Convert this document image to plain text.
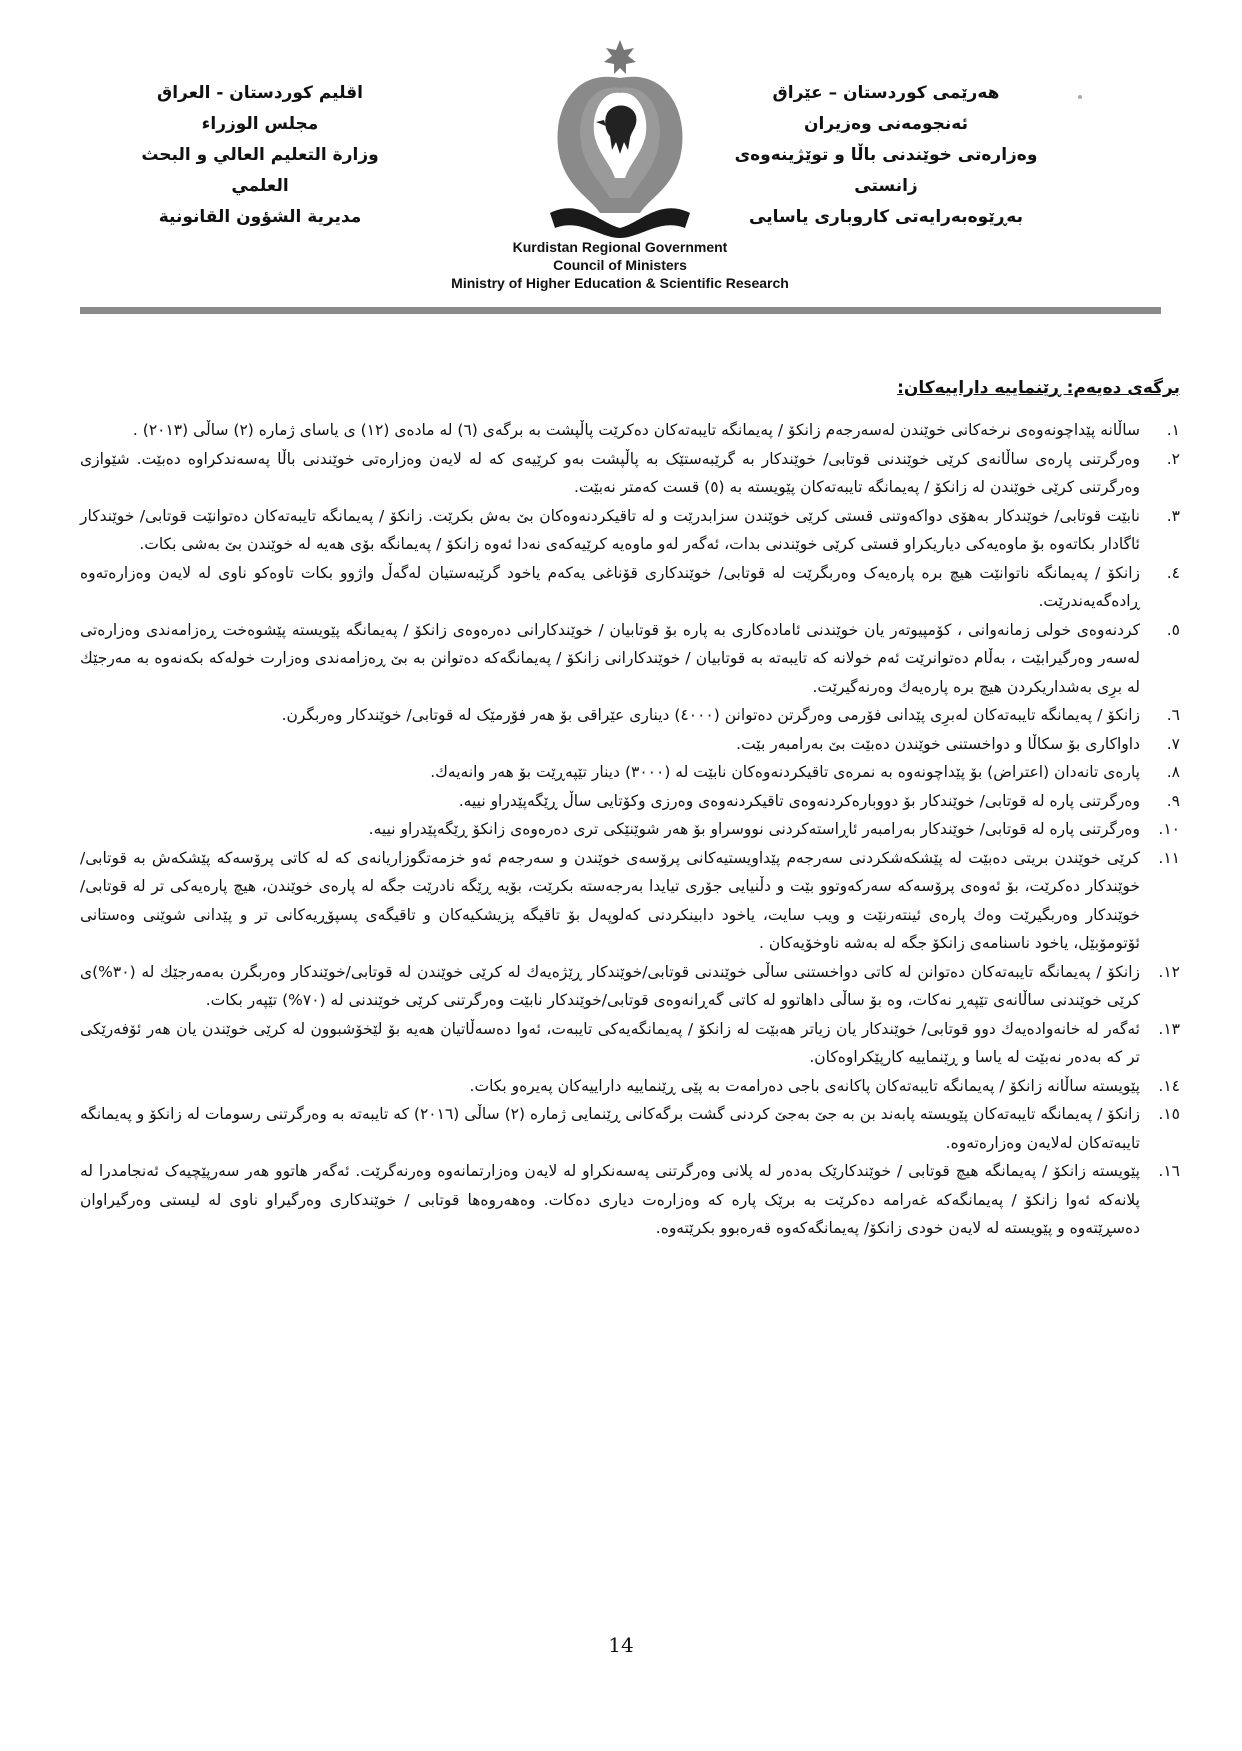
هەرێمی کوردستان – عێراق
ئەنجومەنی وەزیران
وەزارەتی خوێندنی باڵا و توێژینەوەی زانستی
بەڕێوەبەرایەتی کاروباری یاسایی
اقليم كوردستان - العراق
مجلس الوزراء
وزارة التعليم العالي و البحث العلمي
مديرية الشؤون القانونية
Kurdistan Regional Government
Council of Ministers
Ministry of Higher Education & Scientific Research
برگەی دەیەم: ڕێنماییە داراییەکان:
١.
ساڵانە پێداچونەوەی نرخەکانی خوێندن لەسەرجەم زانکۆ / پەیمانگە تایبەتەکان دەکرێت پاڵپشت بە برگەی (٦) لە مادەی (١٢) ی یاسای ژمارە (٢) ساڵی (٢٠١٣) .
٢.
وەرگرتنی پارەی ساڵانەی کرێی خوێندنی قوتابی/ خوێندکار بە گرێبەستێک بە پاڵپشت بەو کرێیەی کە لە لایەن وەزارەتی خوێندنی باڵا پەسەندکراوە دەبێت. شێوازی وەرگرتنی کرێی خوێندن لە زانکۆ / پەیمانگە تایبەتەکان پێویستە بە (٥) قست کەمتر نەبێت.
٣.
نابێت قوتابی/ خوێندکار بەهۆی دواکەوتنی قستی کرێی خوێندن سزابدرێت و لە تاقیکردنەوەکان بێ بەش بکرێت. زانکۆ / پەیمانگە تایبەتەکان دەتوانێت قوتابی/ خوێندکار ئاگادار بکاتەوە بۆ ماوەیەکی دیاریکراو قستی کرێی خوێندنی بدات، ئەگەر لەو ماوەیە کرێیەکەی نەدا ئەوە زانکۆ / پەیمانگە بۆی هەیە لە خوێندن بێ بەشی بکات.
٤.
زانکۆ / پەیمانگە ناتوانێت هیچ برە پارەیەک وەربگرێت لە قوتابی/ خوێندکاری قۆناغی یەکەم یاخود گرێبەستیان لەگەڵ واژوو بکات تاوەکو ناوی لە لایەن وەزارەتەوە ڕادەگەیەندرێت.
٥.
کردنەوەی خولی زمانەوانی ، کۆمپیوتەر یان خوێندنی ئامادەکاری بە پارە بۆ قوتابیان / خوێندکارانی دەرەوەی زانکۆ / پەیمانگە پێویستە پێشوەخت ڕەزامەندی وەزارەتی لەسەر وەرگیرابێت ، بەڵام دەتوانرێت ئەم خولانە کە تایبەتە بە قوتابیان / خوێندکارانی زانکۆ / پەیمانگەکە دەتوانن بە بێ ڕەزامەندی وەزارت خولەکە بکەنەوە بە مەرجێك لە برِی بەشداریکردن هیچ برە پارەیەك وەرنەگیرێت.
٦.
زانکۆ / پەیمانگە تایبەتەکان لەبرِی پێدانی فۆرمی وەرگرتن دەتوانن (٤٠٠٠) دیناری عێراقی بۆ هەر فۆرمێک لە قوتابی/ خوێندکار وەربگرن.
٧.
داواکاری بۆ سکاڵا و دواخستنی خوێندن دەبێت بێ بەرامبەر بێت.
٨.
پارەی تانەدان (اعتراض) بۆ پێداچونەوە بە نمرەی تاقیکردنەوەکان نابێت لە (٣٠٠٠) دینار تێپەڕێت بۆ هەر وانەیەك.
٩.
وەرگرتنی پارە لە قوتابی/ خوێندکار بۆ دووبارەکردنەوەی تاقیکردنەوەی وەرزی وکۆتایی ساڵ ڕێگەپێدراو نییە.
١٠.
وەرگرتنی پارە لە قوتابی/ خوێندکار بەرامبەر ئاڕاستەکردنی نووسراو بۆ هەر شوێنێکی تری دەرەوەی زانکۆ ڕێگەپێدراو نییە.
١١.
کرێی خوێندن بریتی دەبێت لە پێشکەشکردنی سەرجەم پێداویستیەکانی پرۆسەی خوێندن و سەرجەم ئەو خزمەتگوزاریانەی کە لە کاتی پرۆسەکە پێشکەش بە قوتابی/خوێندکار دەکرێت، بۆ ئەوەی پرۆسەکە سەرکەوتوو بێت و دڵنیایی جۆری تیایدا بەرجەستە بکرێت، بۆیە ڕێگە نادرێت جگە لە پارەی خوێندن، هیچ پارەیەکی تر لە قوتابی/خوێندکار وەربگیرێت وەك پارەی ئینتەرنێت و ویب سایت، یاخود دابینکردنی کەلوپەل بۆ تاقیگە پزیشکیەکان و تاقیگەی پسپۆڕیەکانی تر و پێدانی شوێنی وەستانی ئۆتومۆبێل، یاخود ناسنامەی زانکۆ جگە لە بەشە ناوخۆیەکان .
١٢.
زانکۆ / پەیمانگە تایبەتەکان دەتوانن لە کاتی دواخستنی ساڵی خوێندنی قوتابی/خوێندکار ڕێژەیەك لە کرێی خوێندن لە قوتابی/خوێندکار وەربگرن بەمەرجێك لە (٣٠%)ی کرێی خوێندنی ساڵانەی تێپەڕ نەکات، وە بۆ ساڵی داهاتوو لە کاتی گەڕانەوەی قوتابی/خوێندکار نابێت وەرگرتنی کرێی خوێندنی لە (٧٠%) تێپەر بکات.
١٣.
ئەگەر لە خانەوادەیەك دوو قوتابی/ خوێندکار یان زیاتر هەبێت لە زانکۆ / پەیمانگەیەکی تایبەت، ئەوا دەسەڵاتیان هەیە بۆ لێخۆشبوون لە کرێی خوێندن یان هەر ئۆفەرێکی تر کە بەدەر نەبێت لە یاسا و ڕێنماییە کارپێکراوەکان.
١٤.
پێویستە ساڵانە زانکۆ / پەیمانگە تایبەتەکان پاکانەی باجی دەرامەت بە پێی ڕێنماییە داراییەکان پەیرەو بکات.
١٥.
زانکۆ / پەیمانگە تایبەتەکان پێویستە پابەند بن بە جێ بەجێ کردنی گشت برگەکانی ڕێنمایی ژمارە (٢) ساڵی (٢٠١٦) کە تایبەتە بە وەرگرتنی رسومات لە زانکۆ و پەیمانگە تایبەتەکان لەلایەن وەزارەتەوە.
١٦.
پێویستە زانکۆ / پەیمانگە هیچ قوتابی / خوێندکارێک بەدەر لە پلانی وەرگرتنی پەسەنکراو لە لایەن وەزارتمانەوە وەرنەگرێت. ئەگەر هاتوو هەر سەرپێچیەک ئەنجامدرا لە پلانەکە ئەوا زانکۆ / پەیمانگەکە غەرامە دەکرێت بە برێک پارە کە وەزارەت دیاری دەکات. وەهەروەها قوتابی / خوێندکاری وەرگیراو ناوی لە لیستی وەرگیراوان دەسڕێتەوە و پێویستە لە لایەن خودی زانکۆ/ پەیمانگەکەوە قەرەبوو بکرێتەوە.
14
